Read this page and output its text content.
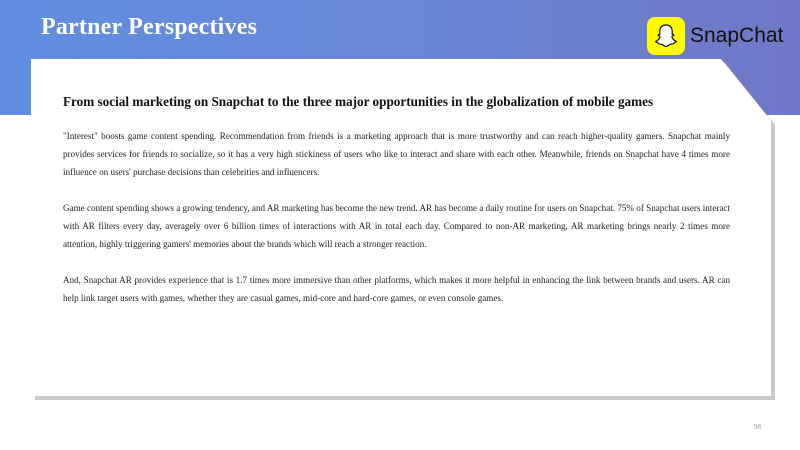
Partner Perspectives	SnapChat
From social marketing on Snapchat to the three major opportunities in the globalization of mobile games

"Interest" boosts game content spending. Recommendation from friends is a marketing approach that is more trustworthy and can reach higher-quality gamers. Snapchat mainly provides services for friends to socialize, so it has a very high stickiness of users who like to interact and share with each other. Meanwhile, friends on Snapchat have 4 times more influence on users' purchase decisions than celebrities and influencers.

Game content spending shows a growing tendency, and AR marketing has become the new trend. AR has become a daily routine for users on Snapchat. 75% of Snapchat users interact with AR filters every day, averagely over 6 billion times of interactions with AR in total each day. Compared to non-AR marketing, AR marketing brings nearly 2 times more attention, highly triggering gamers' memories about the brands which will reach a stronger reaction.

And, Snapchat AR provides experience that is 1.7 times more immersive than other platforms, which makes it more helpful in enhancing the link between brands and users. AR can help link target users with games, whether they are casual games, mid-core and hard-core games, or even console games.

98
